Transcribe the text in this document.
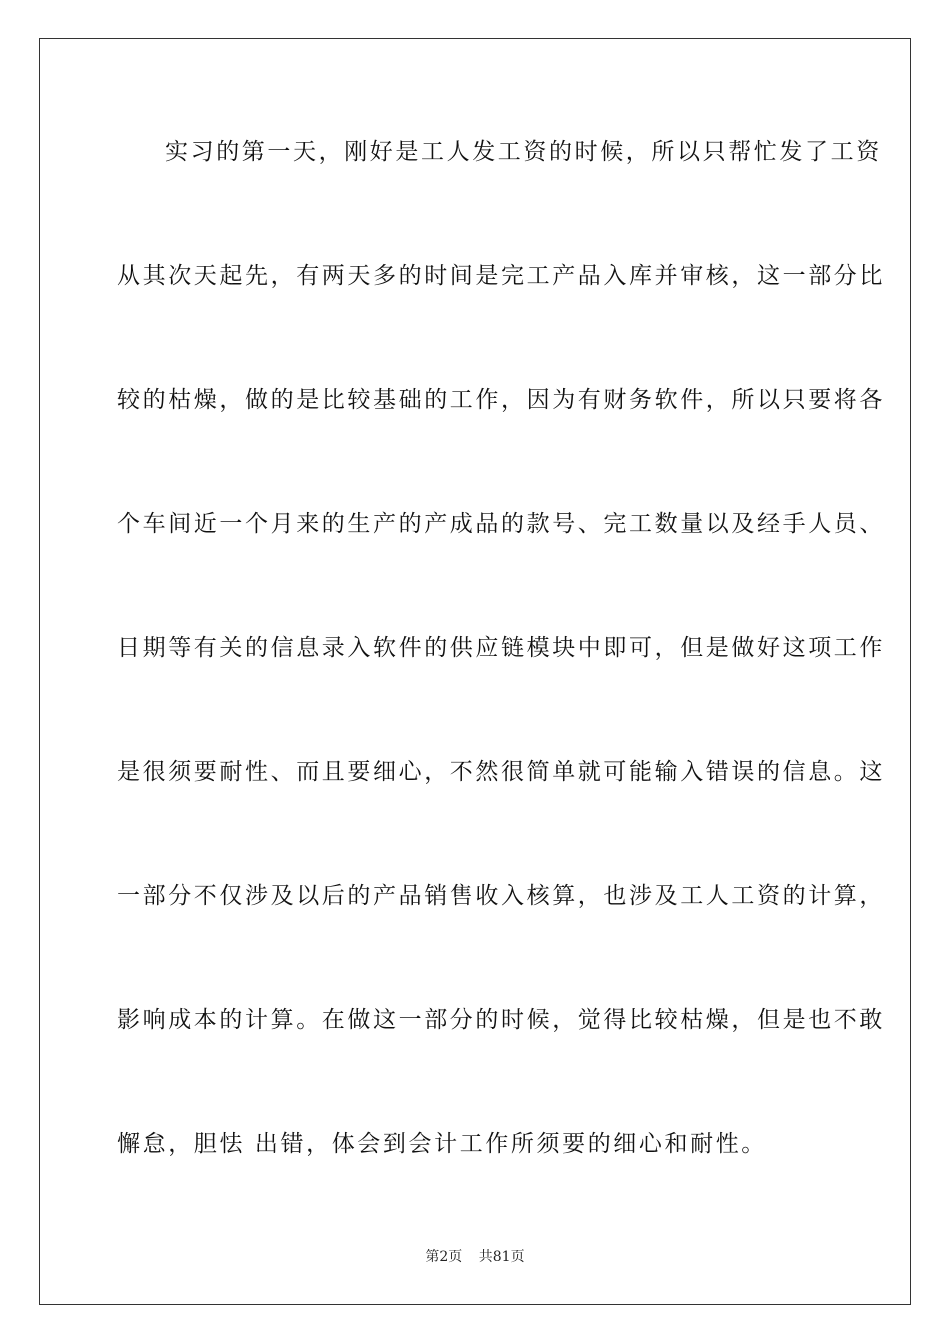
实习的第一天，刚好是工人发工资的时候，所以只帮忙发了工资
从其次天起先，有两天多的时间是完工产品入库并审核，这一部分比
较的枯燥，做的是比较基础的工作，因为有财务软件，所以只要将各
个车间近一个月来的生产的产成品的款号、完工数量以及经手人员、
日期等有关的信息录入软件的供应链模块中即可，但是做好这项工作
是很须要耐性、而且要细心，不然很简单就可能输入错误的信息。这
一部分不仅涉及以后的产品销售收入核算，也涉及工人工资的计算，
影响成本的计算。在做这一部分的时候，觉得比较枯燥，但是也不敢
懈怠，胆怯 出错，体会到会计工作所须要的细心和耐性。
第2页 共81页
